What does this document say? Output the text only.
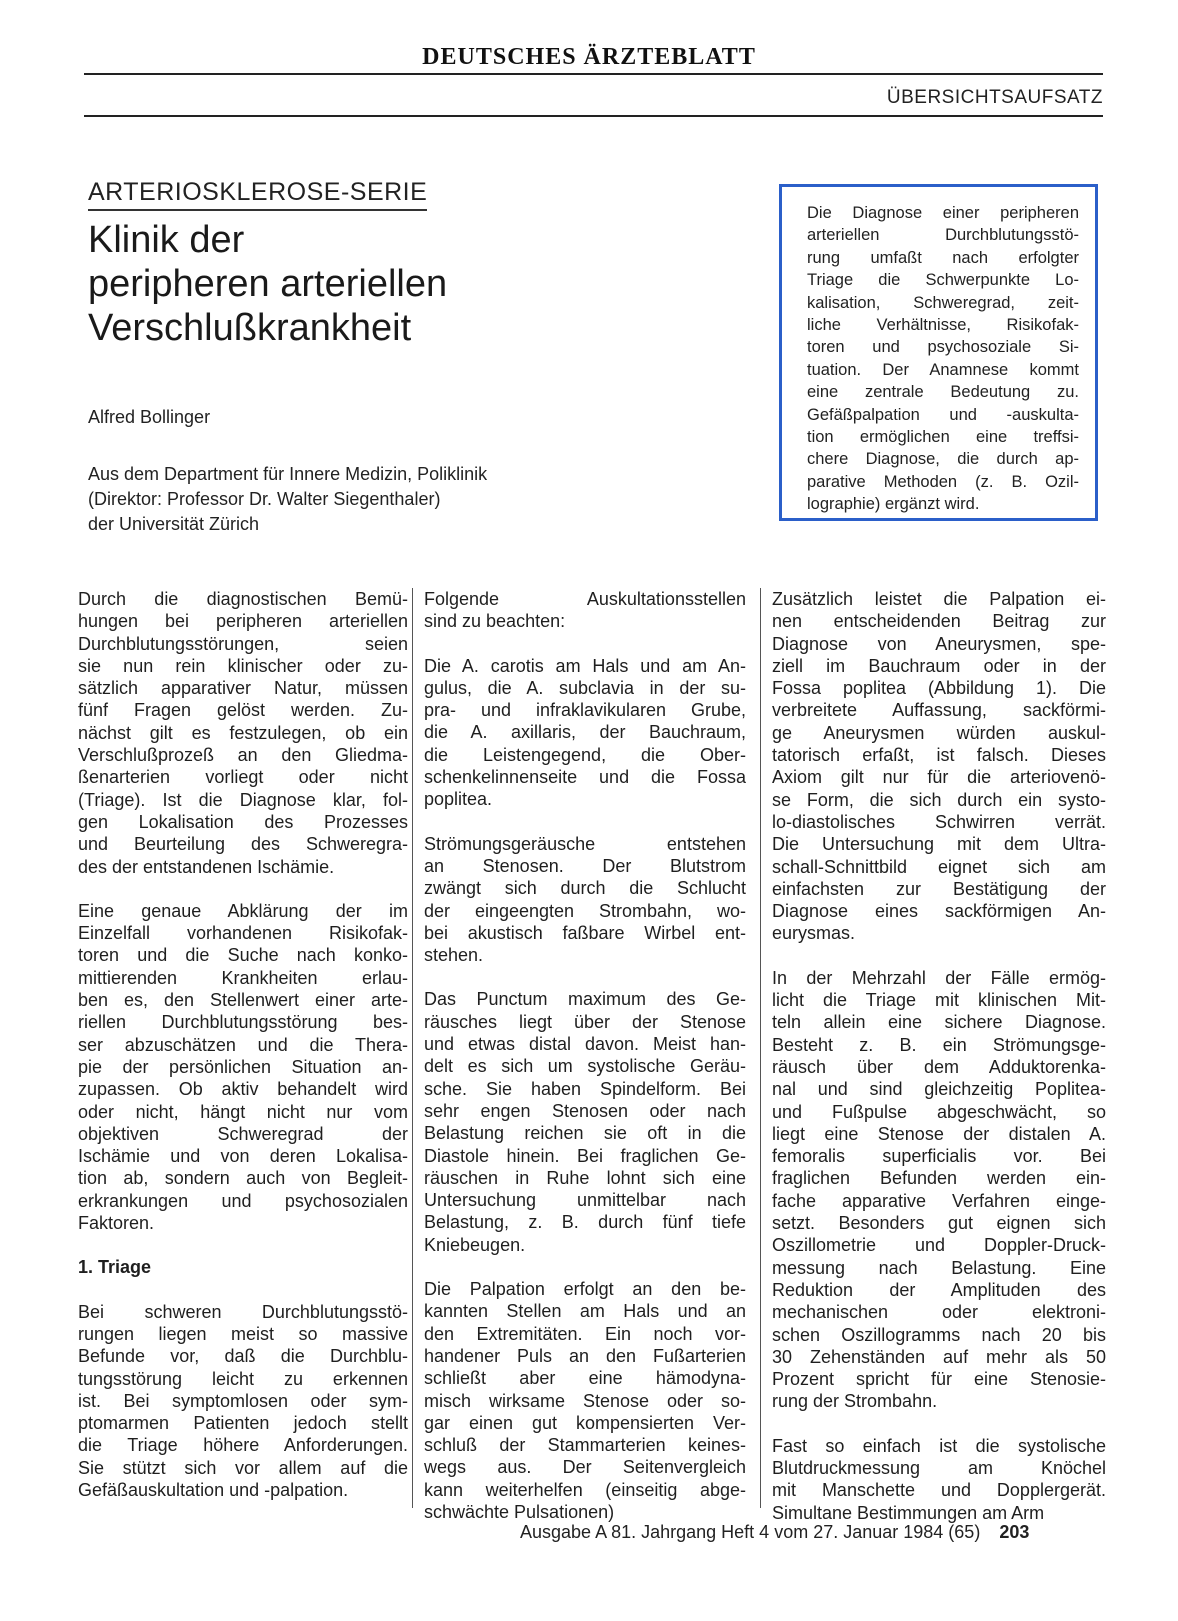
DEUTSCHES ÄRZTEBLATT
ÜBERSICHTSAUFSATZ
ARTERIOSKLEROSE-SERIE
Klinik der
peripheren arteriellen
Verschlußkrankheit
Alfred Bollinger
Aus dem Department für Innere Medizin, Poliklinik
(Direktor: Professor Dr. Walter Siegenthaler)
der Universität Zürich
Die Diagnose einer peripheren
arteriellen Durchblutungsstö-
rung umfaßt nach erfolgter
Triage die Schwerpunkte Lo-
kalisation, Schweregrad, zeit-
liche Verhältnisse, Risikofak-
toren und psychosoziale Si-
tuation. Der Anamnese kommt
eine zentrale Bedeutung zu.
Gefäßpalpation und -auskulta-
tion ermöglichen eine treffsi-
chere Diagnose, die durch ap-
parative Methoden (z. B. Ozil-
lographie) ergänzt wird.
Durch die diagnostischen Bemü-
hungen bei peripheren arteriellen
Durchblutungsstörungen, seien
sie nun rein klinischer oder zu-
sätzlich apparativer Natur, müssen
fünf Fragen gelöst werden. Zu-
nächst gilt es festzulegen, ob ein
Verschlußprozeß an den Gliedma-
ßenarterien vorliegt oder nicht
(Triage). Ist die Diagnose klar, fol-
gen Lokalisation des Prozesses
und Beurteilung des Schweregra-
des der entstandenen Ischämie.
Eine genaue Abklärung der im
Einzelfall vorhandenen Risikofak-
toren und die Suche nach konko-
mittierenden Krankheiten erlau-
ben es, den Stellenwert einer arte-
riellen Durchblutungsstörung bes-
ser abzuschätzen und die Thera-
pie der persönlichen Situation an-
zupassen. Ob aktiv behandelt wird
oder nicht, hängt nicht nur vom
objektiven Schweregrad der
Ischämie und von deren Lokalisa-
tion ab, sondern auch von Begleit-
erkrankungen und psychosozialen
Faktoren.
1. Triage
Bei schweren Durchblutungsstö-
rungen liegen meist so massive
Befunde vor, daß die Durchblu-
tungsstörung leicht zu erkennen
ist. Bei symptomlosen oder sym-
ptomarmen Patienten jedoch stellt
die Triage höhere Anforderungen.
Sie stützt sich vor allem auf die
Gefäßauskultation und -palpation.
Folgende Auskultationsstellen
sind zu beachten:
Die A. carotis am Hals und am An-
gulus, die A. subclavia in der su-
pra- und infraklavikularen Grube,
die A. axillaris, der Bauchraum,
die Leistengegend, die Ober-
schenkelinnenseite und die Fossa
poplitea.
Strömungsgeräusche entstehen
an Stenosen. Der Blutstrom
zwängt sich durch die Schlucht
der eingeengten Strombahn, wo-
bei akustisch faßbare Wirbel ent-
stehen.
Das Punctum maximum des Ge-
räusches liegt über der Stenose
und etwas distal davon. Meist han-
delt es sich um systolische Geräu-
sche. Sie haben Spindelform. Bei
sehr engen Stenosen oder nach
Belastung reichen sie oft in die
Diastole hinein. Bei fraglichen Ge-
räuschen in Ruhe lohnt sich eine
Untersuchung unmittelbar nach
Belastung, z. B. durch fünf tiefe
Kniebeugen.
Die Palpation erfolgt an den be-
kannten Stellen am Hals und an
den Extremitäten. Ein noch vor-
handener Puls an den Fußarterien
schließt aber eine hämodyna-
misch wirksame Stenose oder so-
gar einen gut kompensierten Ver-
schluß der Stammarterien keines-
wegs aus. Der Seitenvergleich
kann weiterhelfen (einseitig abge-
schwächte Pulsationen)
Zusätzlich leistet die Palpation ei-
nen entscheidenden Beitrag zur
Diagnose von Aneurysmen, spe-
ziell im Bauchraum oder in der
Fossa poplitea (Abbildung 1). Die
verbreitete Auffassung, sackförmi-
ge Aneurysmen würden auskul-
tatorisch erfaßt, ist falsch. Dieses
Axiom gilt nur für die arteriovenö-
se Form, die sich durch ein systo-
lo-diastolisches Schwirren verrät.
Die Untersuchung mit dem Ultra-
schall-Schnittbild eignet sich am
einfachsten zur Bestätigung der
Diagnose eines sackförmigen An-
eurysmas.
In der Mehrzahl der Fälle ermög-
licht die Triage mit klinischen Mit-
teln allein eine sichere Diagnose.
Besteht z. B. ein Strömungsge-
räusch über dem Adduktorenka-
nal und sind gleichzeitig Poplitea-
und Fußpulse abgeschwächt, so
liegt eine Stenose der distalen A.
femoralis superficialis vor. Bei
fraglichen Befunden werden ein-
fache apparative Verfahren einge-
setzt. Besonders gut eignen sich
Oszillometrie und Doppler-Druck-
messung nach Belastung. Eine
Reduktion der Amplituden des
mechanischen oder elektroni-
schen Oszillogramms nach 20 bis
30 Zehenständen auf mehr als 50
Prozent spricht für eine Stenosie-
rung der Strombahn.
Fast so einfach ist die systolische
Blutdruckmessung am Knöchel
mit Manschette und Dopplergerät.
Simultane Bestimmungen am Arm
Ausgabe A 81. Jahrgang Heft 4 vom 27. Januar 1984 (65) 203
